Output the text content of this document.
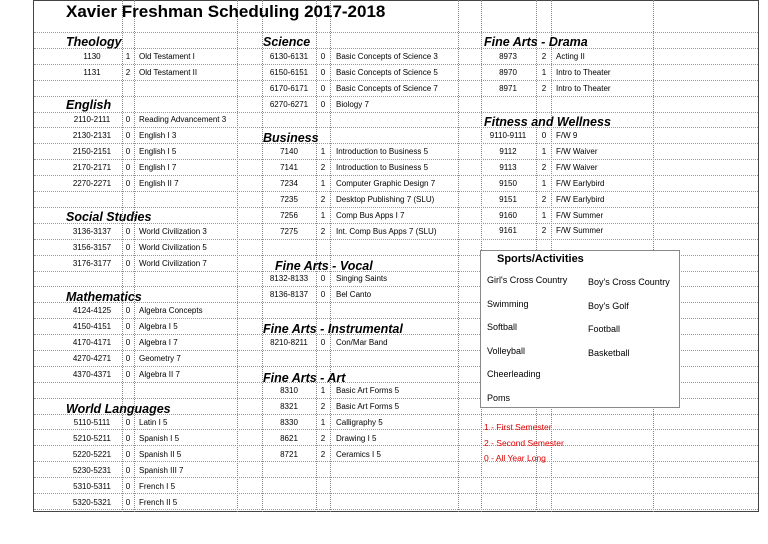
Xavier Freshman Scheduling 2017-2018
Theology
1130	1	Old Testament I
1131	2	Old Testament II
English
2110-2111	0	Reading Advancement 3
2130-2131	0	English I 3
2150-2151	0	English I 5
2170-2171	0	English I 7
2270-2271	0	English II 7
Social Studies
3136-3137	0	World Civilization 3
3156-3157	0	World Civilization 5
3176-3177	0	World Civilization 7
Mathematics
4124-4125	0	Algebra Concepts
4150-4151	0	Algebra I 5
4170-4171	0	Algebra I 7
4270-4271	0	Geometry 7
4370-4371	0	Algebra II 7
World Languages
5110-5111	0	Latin I 5
5210-5211	0	Spanish I 5
5220-5221	0	Spanish II 5
5230-5231	0	Spanish III 7
5310-5311	0	French I 5
5320-5321	0	French II 5
Science
6130-6131	0	Basic Concepts of Science 3
6150-6151	0	Basic Concepts of Science 5
6170-6171	0	Basic Concepts of Science 7
6270-6271	0	Biology 7
Business
7140	1	Introduction to Business 5
7141	2	Introduction to Business 5
7234	1	Computer Graphic Design 7
7235	2	Desktop Publishing 7 (SLU)
7256	1	Comp Bus Apps I 7
7275	2	Int. Comp Bus Apps 7 (SLU)
Fine Arts - Vocal
8132-8133	0	Singing Saints
8136-8137	0	Bel Canto
Fine Arts - Instrumental
8210-8211	0	Con/Mar Band
Fine Arts - Art
8310	1	Basic Art Forms 5
8321	2	Basic Art Forms 5
8330	1	Calligraphy 5
8621	2	Drawing I 5
8721	2	Ceramics I 5
Fine Arts - Drama
8973	2	Acting II
8970	1	Intro to Theater
8971	2	Intro to Theater
Fitness and Wellness
9110-9111	0	F/W 9
9112	1	F/W Waiver
9113	2	F/W Waiver
9150	1	F/W Earlybird
9151	2	F/W Earlybird
9160	1	F/W Summer
9161	2	F/W Summer
Sports/Activities
Girl's Cross Country
Swimming
Softball
Volleyball
Cheerleading
Poms
Boy's Cross Country
Boy's Golf
Football
Basketball
1 - First Semester
2 - Second Semester
0 - All Year Long
